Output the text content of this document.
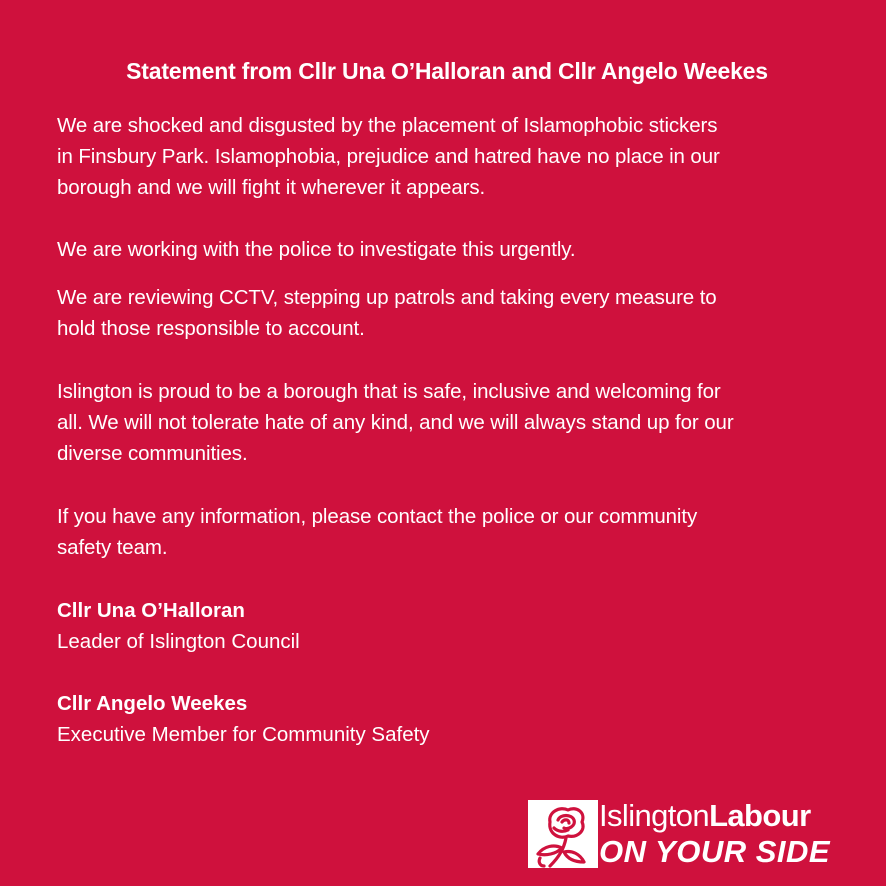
Statement from Cllr Una O’Halloran and Cllr Angelo Weekes

We are shocked and disgusted by the placement of Islamophobic stickers
in Finsbury Park. Islamophobia, prejudice and hatred have no place in our
borough and we will fight it wherever it appears.

We are working with the police to investigate this urgently.

We are reviewing CCTV, stepping up patrols and taking every measure to
hold those responsible to account.

Islington is proud to be a borough that is safe, inclusive and welcoming for
all. We will not tolerate hate of any kind, and we will always stand up for our
diverse communities.

If you have any information, please contact the police or our community
safety team.

Cllr Una O’Halloran

Leader of Islington Council

Cllr Angelo Weekes

Executive Member for Community Safety

IslingtonLabour
ON YOUR SIDE
